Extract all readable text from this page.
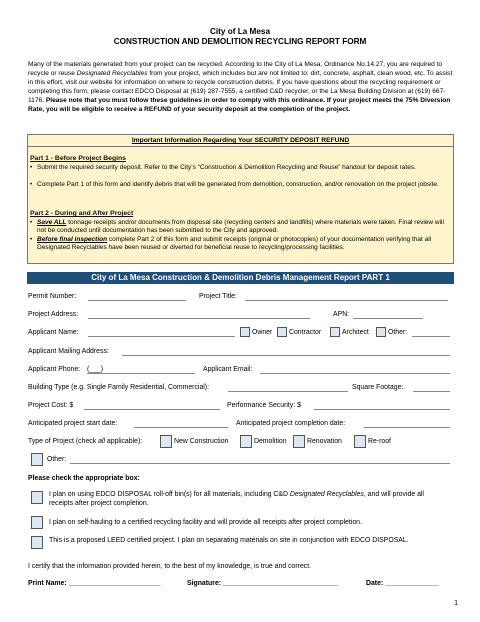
City of La Mesa
CONSTRUCTION AND DEMOLITION RECYCLING REPORT FORM
Many of the materials generated from your project can be recycled. According to the City of La Mesa, Ordinance No.14.27, you are required to recycle or reuse Designated Recyclables from your project, which includes but are not limited to: dirt, concrete, asphalt, clean wood, etc. To assist in this effort, visit our website for information on where to recycle construction debris. If you have questions about the recycling requirement or completing this form, please contact EDCO Disposal at (619) 287-7555, a certified C&D recycler, or the La Mesa Building Division at (619) 667-1176. Please note that you must follow these guidelines in order to comply with this ordinance. If your project meets the 75% Diversion Rate, you will be eligible to receive a REFUND of your security deposit at the completion of the project.
Important Information Regarding Your SECURITY DEPOSIT REFUND
Part 1 - Before Project Begins
• Submit the required security deposit. Refer to the City’s “Construction & Demolition Recycling and Reuse” handout for deposit rates.
• Complete Part 1 of this form and identify debris that will be generated from demolition, construction, and/or renovation on the project jobsite.
Part 2 - During and After Project
• Save ALL tonnage receipts and/or documents from disposal site (recycling centers and landfills) where materials were taken. Final review will not be conducted until documentation has been submitted to the City and approved.
• Before final inspection complete Part 2 of this form and submit receipts (original or photocopies) of your documentation verifying that all Designated Recyclables have been reused or diverted for beneficial reuse to recycling/processing facilities.
City of La Mesa Construction & Demolition Debris Management Report PART 1
Permit Number:	Project Title:
Project Address:	APN:
Applicant Name:	Owner Contractor	Architect	Other:
Applicant Mailing Address:
Applicant Phone: (___)	Applicant Email:
Building Type (e.g. Single Family Residential, Commercial):	Square Footage:
Project Cost: $	Performance Security: $
Anticipated project start date:	Anticipated project completion date:
Type of Project (check all applicable):	New Construction	Demolition	Renovation	Re-roof
Other:
Please check the appropriate box:
I plan on using EDCO DISPOSAL roll-off bin(s) for all materials, including C&D Designated Recyclables, and will provide all receipts after project completion.
I plan on self-hauling to a certified recycling facility and will provide all receipts after project completion.
This is a proposed LEED certified project. I plan on separating materials on site in conjunction with EDCO DISPOSAL.
I certify that the information provided herein, to the best of my knowledge, is true and correct.
Print Name: ________________________	Signature: ______________________________	Date: ______________
1
